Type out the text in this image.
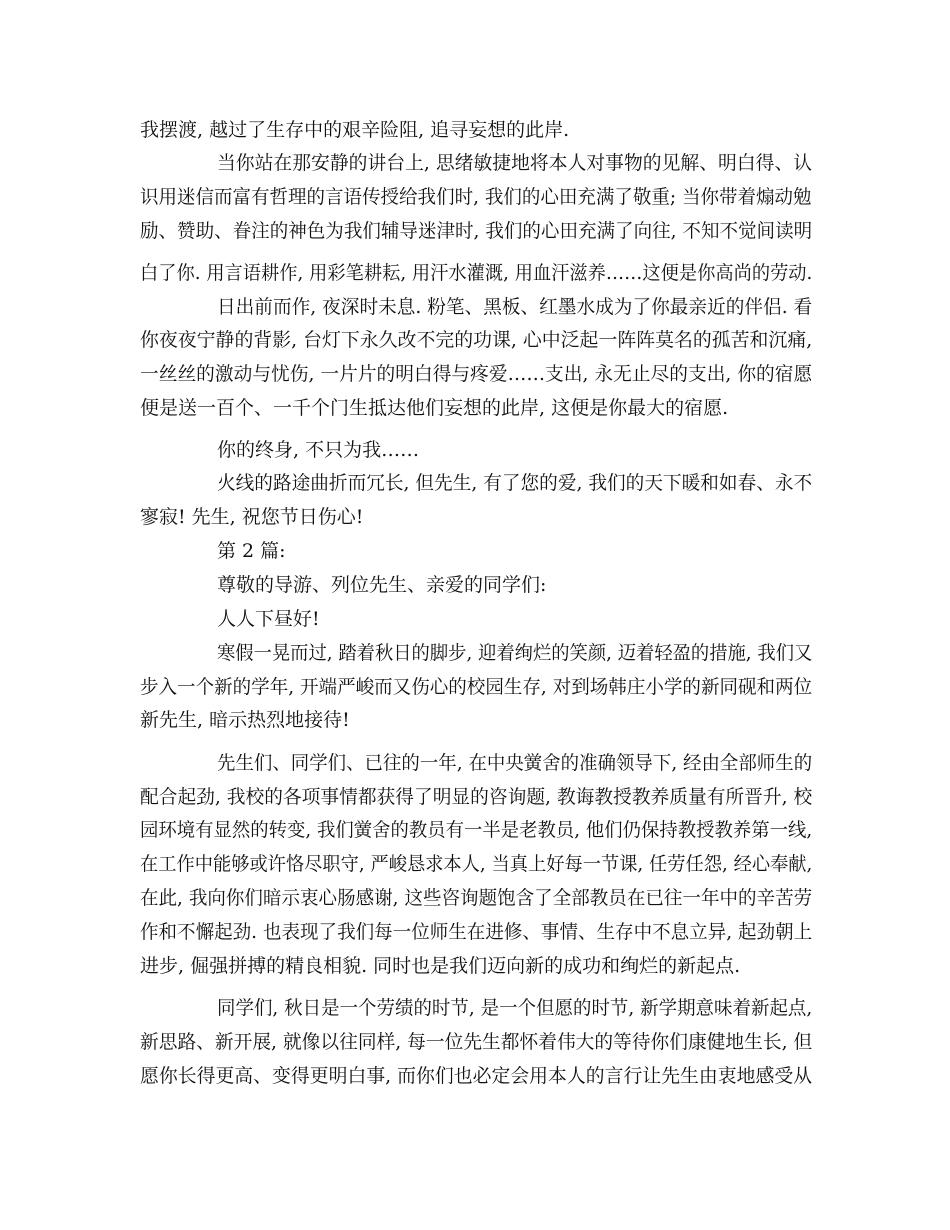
我摆渡, 越过了生存中的艰辛险阻, 追寻妄想的此岸.
当你站在那安静的讲台上, 思绪敏捷地将本人对事物的见解、明白得、认
识用迷信而富有哲理的言语传授给我们时, 我们的心田充满了敬重; 当你带着煽动勉
励、赞助、眷注的神色为我们辅导迷津时, 我们的心田充满了向往, 不知不觉间读明
白了你. 用言语耕作, 用彩笔耕耘, 用汗水灌溉, 用血汗滋养……这便是你高尚的劳动.
日出前而作, 夜深时未息. 粉笔、黑板、红墨水成为了你最亲近的伴侣. 看
你夜夜宁静的背影, 台灯下永久改不完的功课, 心中泛起一阵阵莫名的孤苦和沉痛,
一丝丝的激动与忧伤, 一片片的明白得与疼爱……支出, 永无止尽的支出, 你的宿愿
便是送一百个、一千个门生抵达他们妄想的此岸, 这便是你最大的宿愿.
你的终身, 不只为我……
火线的路途曲折而冗长, 但先生, 有了您的爱, 我们的天下暖和如春、永不
寥寂! 先生, 祝您节日伤心!
第 2 篇:
尊敬的导游、列位先生、亲爱的同学们:
人人下昼好!
寒假一晃而过, 踏着秋日的脚步, 迎着绚烂的笑颜, 迈着轻盈的措施, 我们又
步入一个新的学年, 开端严峻而又伤心的校园生存, 对到场韩庄小学的新同砚和两位
新先生, 暗示热烈地接待!
先生们、同学们、已往的一年, 在中央黉舍的准确领导下, 经由全部师生的
配合起劲, 我校的各项事情都获得了明显的咨询题, 教诲教授教养质量有所晋升, 校
园环境有显然的转变, 我们黉舍的教员有一半是老教员, 他们仍保持教授教养第一线,
在工作中能够或许恪尽职守, 严峻恳求本人, 当真上好每一节课, 任劳任怨, 经心奉献,
在此, 我向你们暗示衷心肠感谢, 这些咨询题饱含了全部教员在已往一年中的辛苦劳
作和不懈起劲. 也表现了我们每一位师生在进修、事情、生存中不息立异, 起劲朝上
进步, 倔强拼搏的精良相貌. 同时也是我们迈向新的成功和绚烂的新起点.
同学们, 秋日是一个劳绩的时节, 是一个但愿的时节, 新学期意味着新起点,
新思路、新开展, 就像以往同样, 每一位先生都怀着伟大的等待你们康健地生长, 但
愿你长得更高、变得更明白事, 而你们也必定会用本人的言行让先生由衷地感受从
